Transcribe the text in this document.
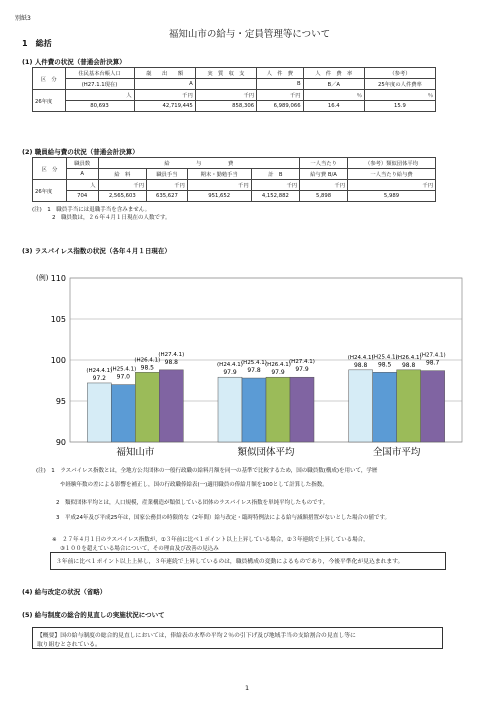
別紙3
福知山市の給与・定員管理等について
1　総括
(1) 人件費の状況（普通会計決算）
区　分	住民基本台帳人口	歳　　出　　額	実　質　収　支	人　件　費	人　件　費　率	（参考）
	(H27.1.1現在)	A		B	B／A	25年度の人件費率
26年度	人	千円	千円	千円	％	％
	80,693	42,719,445	858,306	6,989,066	16.4	15.9
(2) 職員給与費の状況（普通会計決算）
区　分	職員数	給　　　　　与　　　　　費				一人当たり	（参考）類似団体平均
	A	給　料	職員手当	期末・勤勉手当	計　B	給与費 B/A	一人当たり給与費
26年度	人	千円	千円	千円	千円	千円	千円
	704	2,565,603	635,627	951,652	4,152,882	5,898	5,989
(注)　1　職員手当には退職手当を含みません。
2　職員数は，２６年４月１日現在の人数です。
(3) ラスパイレス指数の状況（各年４月１日現在）
90
95
100
105
110
(例)
(H24.4.1)
97.2
(H25.4.1)
97.0
(H26.4.1)
98.5
(H27.4.1)
98.8
福知山市
(H24.4.1)
97.9
(H25.4.1)
97.8
(H26.4.1)
97.9
(H27.4.1)
97.9
類似団体平均
(H24.4.1)
98.8
(H25.4.1)
98.5
(H26.4.1)
98.8
(H27.4.1)
98.7
全国市平均
(注)　1　ラスパイレス指数とは，全地方公共団体の一般行政職の給料月額を同一の基準で比較するため，国の職員数(構成)を用いて，学歴
や経験年数の差による影響を補正し，国の行政職俸給表(一)適用職員の俸給月額を100として計算した指数。
2　類似団体平均とは，人口規模，産業構造が類似している団体のラスパイレス指数を単純平均したものです。
3　平成24年及び平成25年は，国家公務員の時限的な（2年間）給与改定・臨時特例法による給与減額措置がないとした場合の値です。
※　２７年４月１日のラスパイレス指数が，①３年前に比べ１ポイント以上上昇している場合，②３年連続で上昇している場合，
③１００を超えている場合について，その理由及び改善の見込み
３年前に比べ１ポイント以上上昇し，３年連続で上昇しているのは，職員構成の変動によるものであり，今後平準化が見込まれます。
(4) 給与改定の状況（省略）
(5) 給与制度の総合的見直しの実施状況について
【概要】国の給与制度の総合的見直しにおいては，俸給表の水準の平均２％の引下げ及び地域手当の支給割合の見直し等に
取り組むとされている。
1
